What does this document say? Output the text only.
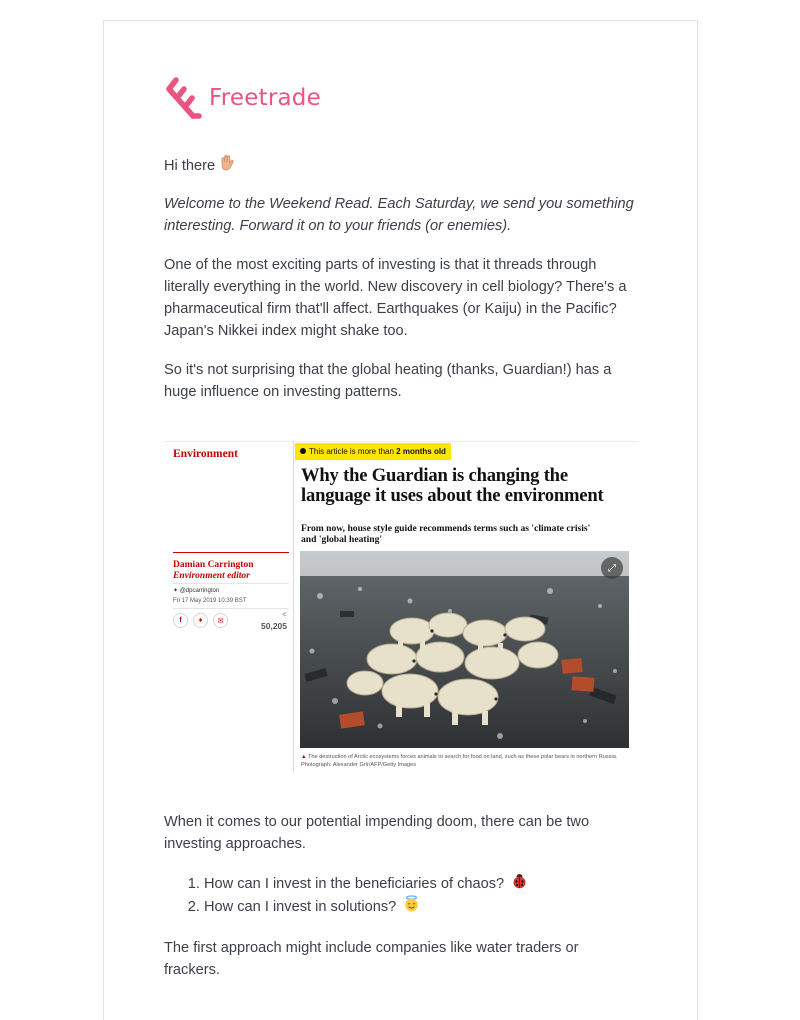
Freetrade

Hi there

Welcome to the Weekend Read. Each Saturday, we send you something interesting. Forward it on to your friends (or enemies).

One of the most exciting parts of investing is that it threads through literally everything in the world. New discovery in cell biology? There's a pharmaceutical firm that'll affect. Earthquakes (or Kaiju) in the Pacific? Japan's Nikkei index might shake too.

So it's not surprising that the global heating (thanks, Guardian!) has a huge influence on investing patterns.

Environment	This article is more than 2 months old
Why the Guardian is changing the language it uses about the environment
From now, house style guide recommends terms such as 'climate crisis' and 'global heating'
Damian Carrington
Environment editor
✦ @dpcarrington
Fri 17 May 2019 10.39 BST
f	♦	✉
<
50,205
⤢
▲ The destruction of Arctic ecosystems forces animals to search for food on land, such as these polar bears in northern Russia. Photograph: Alexander Grir/AFP/Getty Images

When it comes to our potential impending doom, there can be two investing approaches.

1. How can I invest in the beneficiaries of chaos?
2. How can I invest in solutions?

The first approach might include companies like water traders or frackers.
